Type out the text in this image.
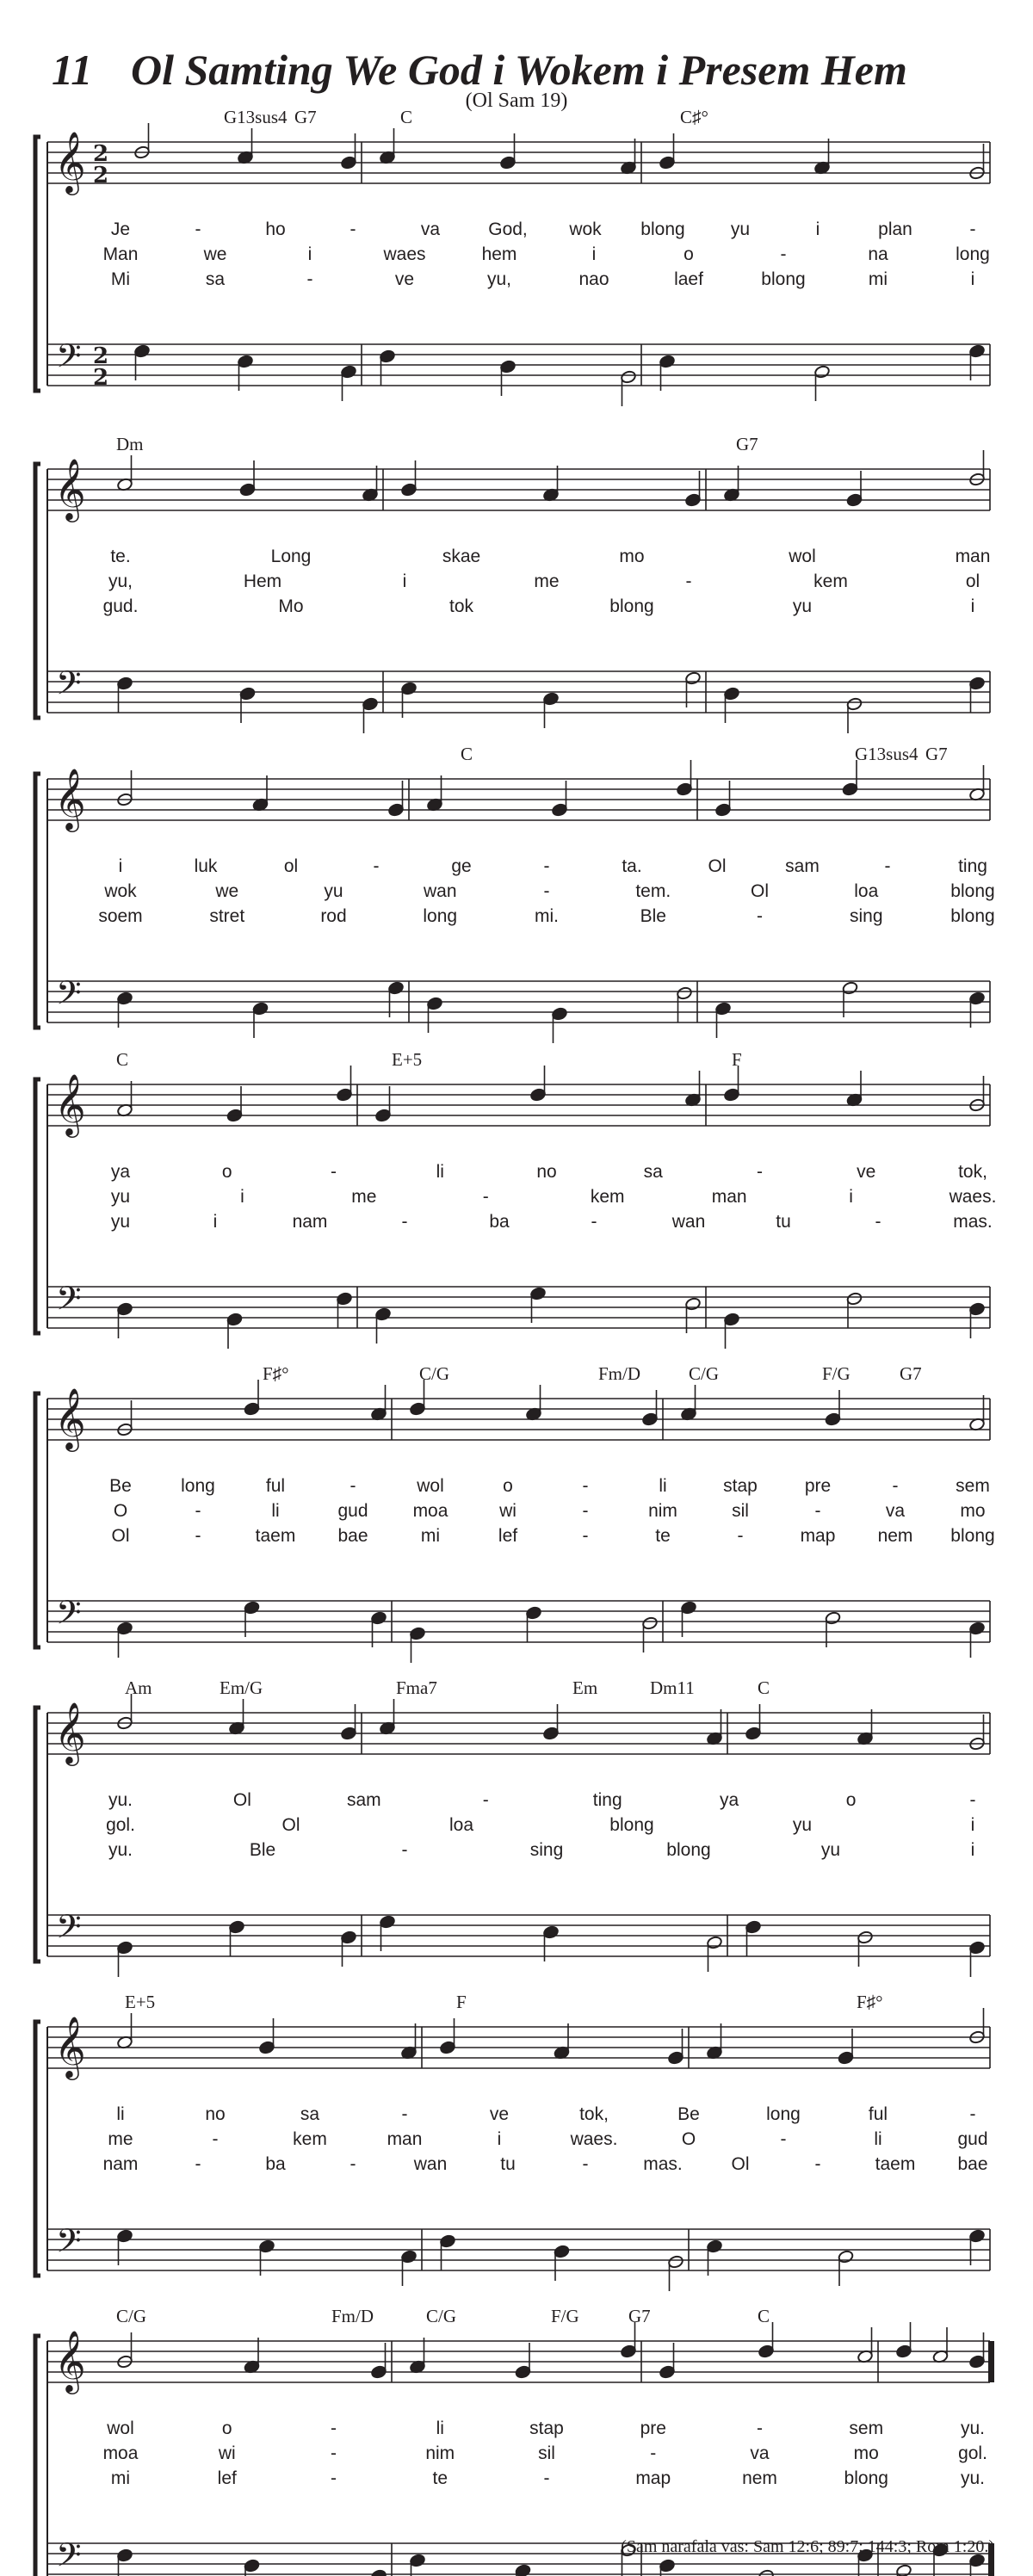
11 Ol Samting We God i Wokem i Presem Hem
(Ol Sam 19)
𝄞
𝄢
2
2
2
2
G13sus4 G7	C	C♯°
Je	-	ho	-	va	God, wok blong	yu	i	plan	-
Man	we	i	waes	hem	i	o	-	na	long
Mi	sa	-	ve	yu,	nao	laef	blong	mi	i
𝄞
𝄢
Dm	G7
te.	Long	skae	mo	wol	man
yu,	Hem	i	me	-	kem	ol
gud.	Mo	tok	blong	yu	i
𝄞
𝄢
C	G13sus4 G7
i	luk	ol	-	ge	-	ta.	Ol	sam	-	ting
wok	we	yu	wan	-	tem.	Ol	loa	blong
soem	stret	rod	long	mi.	Ble	-	sing	blong
𝄞
𝄢
C	E+5	F
ya	o	-	li	no	sa	-	ve	tok,
yu	i	me	-	kem	man	i	waes.
yu	i	nam	-	ba	-	wan	tu	-	mas.
𝄞
𝄢
F♯°	C/G	Fm/D	C/G	F/G	G7
Be	long	ful	-	wol	o	-	li	stap	pre	-	sem
O	-	li	gud moa	wi	-	nim	sil	-	va	mo
Ol	-	taem bae	mi	lef	-	te	-	map nem blong
𝄞
𝄢
Am	Em/G	Fma7	Em	Dm11	C
yu.	Ol	sam	-	ting	ya	o	-
gol.	Ol	loa	blong	yu	i
yu.	Ble	-	sing	blong	yu	i
𝄞
𝄢
E+5	F	F♯°
li	no	sa	-	ve	tok,	Be	long	ful	-
me	-	kem	man	i	waes.	O	-	li	gud
nam	-	ba	-	wan	tu	-	mas.	Ol	-	taem bae
𝄞
𝄢
C/G	Fm/D	C/G	F/G	G7	C
wol	o	-	li	stap	pre	-	sem	yu.
moa	wi	-	nim	sil	-	va	mo	gol.
mi	lef	-	te	-	map	nem	blong	yu.
(Sam narafala vas: Sam 12:6; 89:7; 144:3; Rom 1:20.)
